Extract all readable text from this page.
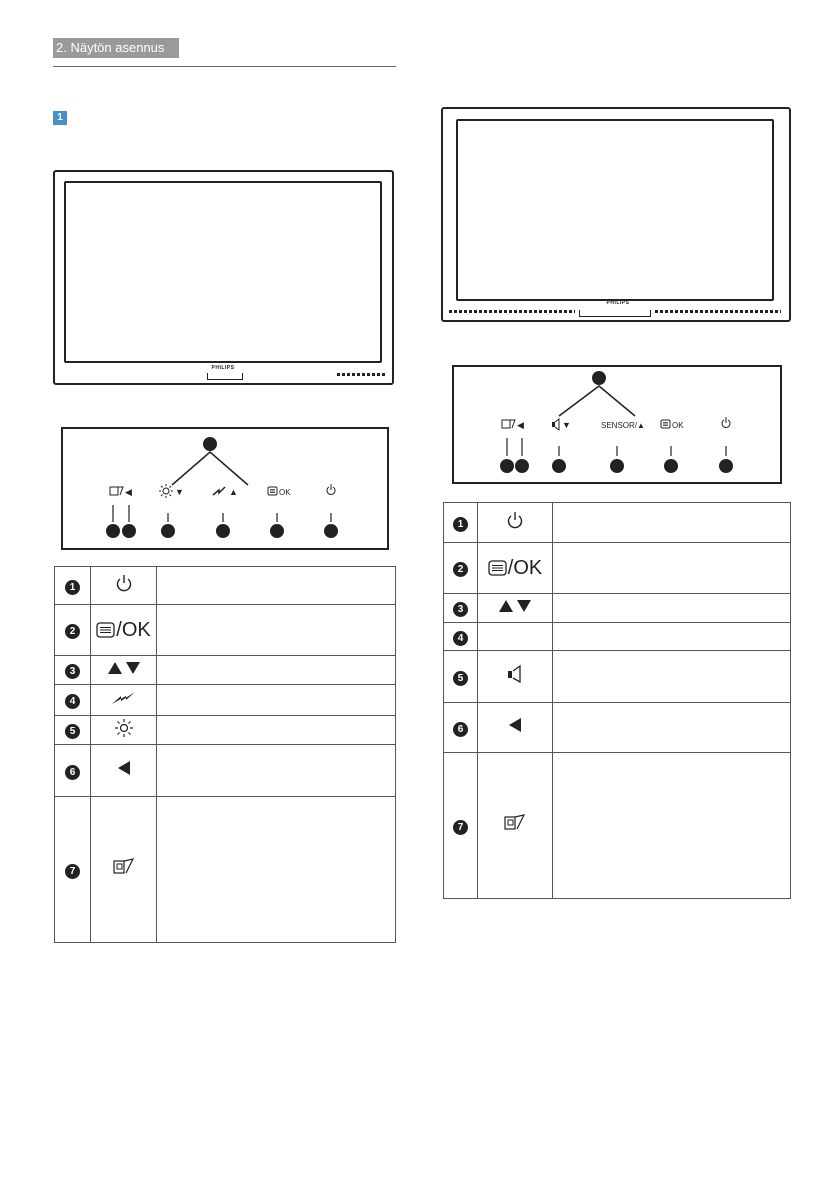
2. Näytön asennus
1
PHILIPS
PHILIPS
◀	▼	▲	OK
◀	▼	SENSOR/▲	OK
1		
2	/OK	
3		
4		
5		
6		
7		
1		
2	/OK	
3		
4		
5		
6		
7		
